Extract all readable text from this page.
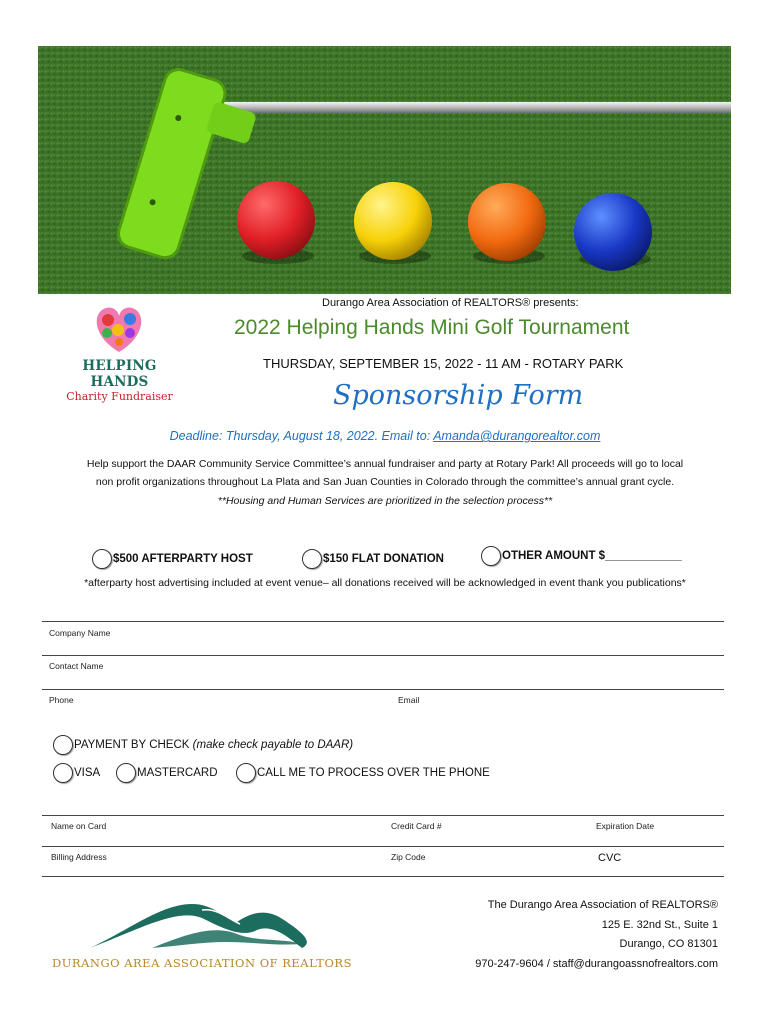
HELPING HANDS
Charity Fundraiser
Durango Area Association of REALTORS® presents:
2022 Helping Hands Mini Golf Tournament
THURSDAY, SEPTEMBER 15, 2022 - 11 AM - ROTARY PARK
Sponsorship Form
Deadline: Thursday, August 18, 2022. Email to: Amanda@durangorealtor.com
Help support the DAAR Community Service Committee’s annual fundraiser and party at Rotary Park! All proceeds will go to local
non profit organizations throughout La Plata and San Juan Counties in Colorado through the committee’s annual grant cycle.
**Housing and Human Services are prioritized in the selection process**
$500 AFTERPARTY HOST	$150 FLAT DONATION	OTHER AMOUNT $____________
*afterparty host advertising included at event venue– all donations received will be acknowledged in event thank you publications*
Company Name
Contact Name
Phone	Email
PAYMENT BY CHECK
(make check payable to DAAR)
VISA	MASTERCARD	CALL ME TO PROCESS OVER THE PHONE
Name on Card	Credit Card #	Expiration Date
Billing Address	Zip Code	CVC
DURANGO AREA ASSOCIATION OF REALTORS
The Durango Area Association of REALTORS®
125 E. 32nd St., Suite 1
Durango, CO 81301
970-247-9604 / staff@durangoassnofrealtors.com
